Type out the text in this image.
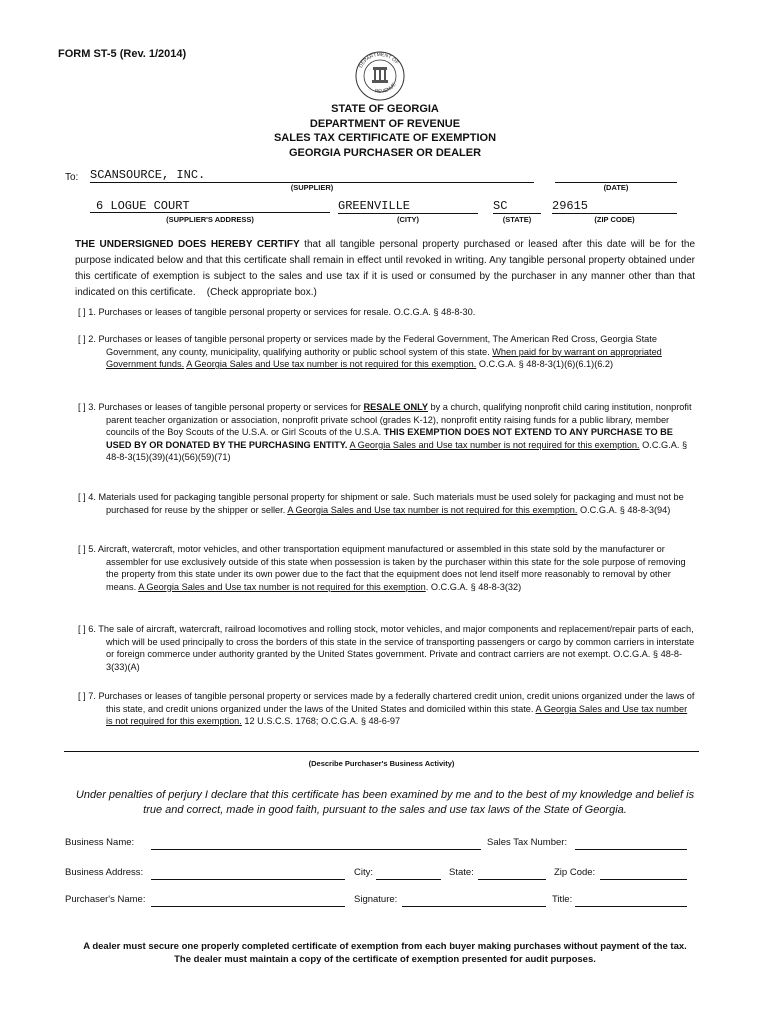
FORM ST-5 (Rev. 1/2014)
DEPARTMENT OF
REVENUE
STATE OF GEORGIA
DEPARTMENT OF REVENUE
SALES TAX CERTIFICATE OF EXEMPTION
GEORGIA PURCHASER OR DEALER
To: SCANSOURCE, INC.
(SUPPLIER)	(DATE)
6 LOGUE COURT
(SUPPLIER'S ADDRESS)
GREENVILLE
(CITY)
SC
(STATE)
29615
(ZIP CODE)
THE UNDERSIGNED DOES HEREBY CERTIFY that all tangible personal property purchased or leased after this date will be for the purpose indicated below and that this certificate shall remain in effect until revoked in writing. Any tangible personal property obtained under this certificate of exemption is subject to the sales and use tax if it is used or consumed by the purchaser in any manner other than that indicated on this certificate. (Check appropriate box.)
[ ] 1. Purchases or leases of tangible personal property or services for resale. O.C.G.A. § 48-8-30.
[ ] 2. Purchases or leases of tangible personal property or services made by the Federal Government, The American Red Cross, Georgia State Government, any county, municipality, qualifying authority or public school system of this state. When paid for by warrant on appropriated Government funds. A Georgia Sales and Use tax number is not required for this exemption. O.C.G.A. § 48-8-3(1)(6)(6.1)(6.2)
[ ] 3. Purchases or leases of tangible personal property or services for RESALE ONLY by a church, qualifying nonprofit child caring institution, nonprofit parent teacher organization or association, nonprofit private school (grades K-12), nonprofit entity raising funds for a public library, member councils of the Boy Scouts of the U.S.A. or Girl Scouts of the U.S.A. THIS EXEMPTION DOES NOT EXTEND TO ANY PURCHASE TO BE USED BY OR DONATED BY THE PURCHASING ENTITY. A Georgia Sales and Use tax number is not required for this exemption. O.C.G.A. § 48-8-3(15)(39)(41)(56)(59)(71)
[ ] 4. Materials used for packaging tangible personal property for shipment or sale. Such materials must be used solely for packaging and must not be purchased for reuse by the shipper or seller. A Georgia Sales and Use tax number is not required for this exemption. O.C.G.A. § 48-8-3(94)
[ ] 5. Aircraft, watercraft, motor vehicles, and other transportation equipment manufactured or assembled in this state sold by the manufacturer or assembler for use exclusively outside of this state when possession is taken by the purchaser within this state for the sole purpose of removing the property from this state under its own power due to the fact that the equipment does not lend itself more reasonably to removal by other means. A Georgia Sales and Use tax number is not required for this exemption. O.C.G.A. § 48-8-3(32)
[ ] 6. The sale of aircraft, watercraft, railroad locomotives and rolling stock, motor vehicles, and major components and replacement/repair parts of each, which will be used principally to cross the borders of this state in the service of transporting passengers or cargo by common carriers in interstate or foreign commerce under authority granted by the United States government. Private and contract carriers are not exempt. O.C.G.A. § 48-8-3(33)(A)
[ ] 7. Purchases or leases of tangible personal property or services made by a federally chartered credit union, credit unions organized under the laws of this state, and credit unions organized under the laws of the United States and domiciled within this state. A Georgia Sales and Use tax number is not required for this exemption. 12 U.S.C.S. 1768; O.C.G.A. § 48-6-97
(Describe Purchaser's Business Activity)
Under penalties of perjury I declare that this certificate has been examined by me and to the best of my knowledge and belief is true and correct, made in good faith, pursuant to the sales and use tax laws of the State of Georgia.
Business Name:	Sales Tax Number:
Business Address:	City:	State:	Zip Code:
Purchaser's Name:	Signature:	Title:
A dealer must secure one properly completed certificate of exemption from each buyer making purchases without payment of the tax.
The dealer must maintain a copy of the certificate of exemption presented for audit purposes.
